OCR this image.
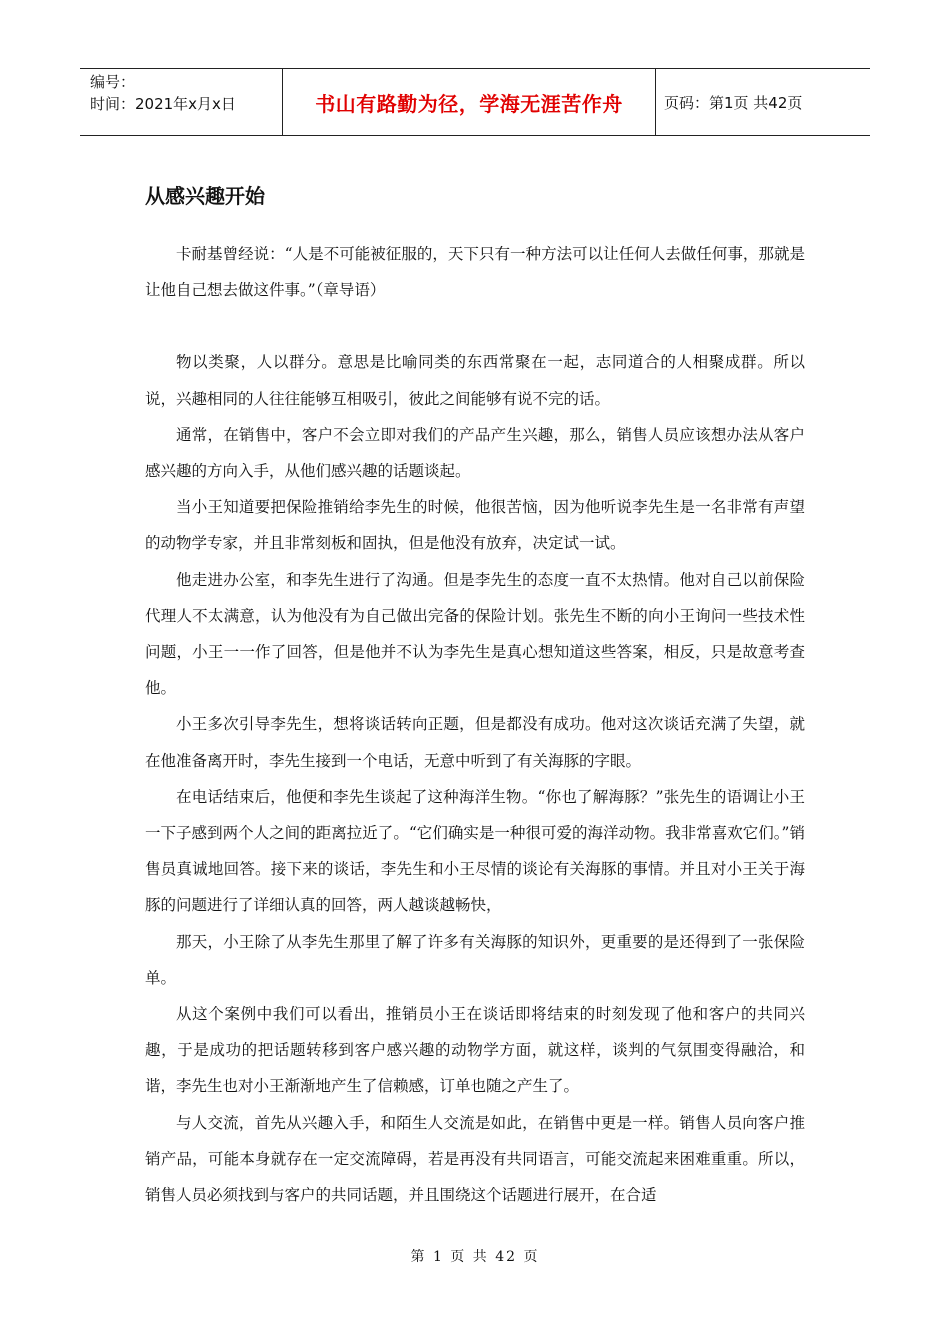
编号：
时间：2021年x月x日	书山有路勤为径，学海无涯苦作舟	页码：第1页 共42页
从感兴趣开始

卡耐基曾经说：“人是不可能被征服的，天下只有一种方法可以让任何人去做任何事，那就是让他自己想去做这件事。”（章导语）

物以类聚，人以群分。意思是比喻同类的东西常聚在一起，志同道合的人相聚成群。所以说，兴趣相同的人往往能够互相吸引，彼此之间能够有说不完的话。

通常，在销售中，客户不会立即对我们的产品产生兴趣，那么，销售人员应该想办法从客户感兴趣的方向入手，从他们感兴趣的话题谈起。

当小王知道要把保险推销给李先生的时候，他很苦恼，因为他听说李先生是一名非常有声望的动物学专家，并且非常刻板和固执，但是他没有放弃，决定试一试。

他走进办公室，和李先生进行了沟通。但是李先生的态度一直不太热情。他对自己以前保险代理人不太满意，认为他没有为自己做出完备的保险计划。张先生不断的向小王询问一些技术性问题，小王一一作了回答，但是他并不认为李先生是真心想知道这些答案，相反，只是故意考查他。

小王多次引导李先生，想将谈话转向正题，但是都没有成功。他对这次谈话充满了失望，就在他准备离开时，李先生接到一个电话，无意中听到了有关海豚的字眼。

在电话结束后，他便和李先生谈起了这种海洋生物。“你也了解海豚？”张先生的语调让小王一下子感到两个人之间的距离拉近了。“它们确实是一种很可爱的海洋动物。我非常喜欢它们。”销售员真诚地回答。接下来的谈话，李先生和小王尽情的谈论有关海豚的事情。并且对小王关于海豚的问题进行了详细认真的回答，两人越谈越畅快，

那天，小王除了从李先生那里了解了许多有关海豚的知识外，更重要的是还得到了一张保险单。

从这个案例中我们可以看出，推销员小王在谈话即将结束的时刻发现了他和客户的共同兴趣，于是成功的把话题转移到客户感兴趣的动物学方面，就这样，谈判的气氛围变得融洽，和谐，李先生也对小王渐渐地产生了信赖感，订单也随之产生了。

与人交流，首先从兴趣入手，和陌生人交流是如此，在销售中更是一样。销售人员向客户推销产品，可能本身就存在一定交流障碍，若是再没有共同语言，可能交流起来困难重重。所以，销售人员必须找到与客户的共同话题，并且围绕这个话题进行展开，在合适

第 1 页 共 42 页
